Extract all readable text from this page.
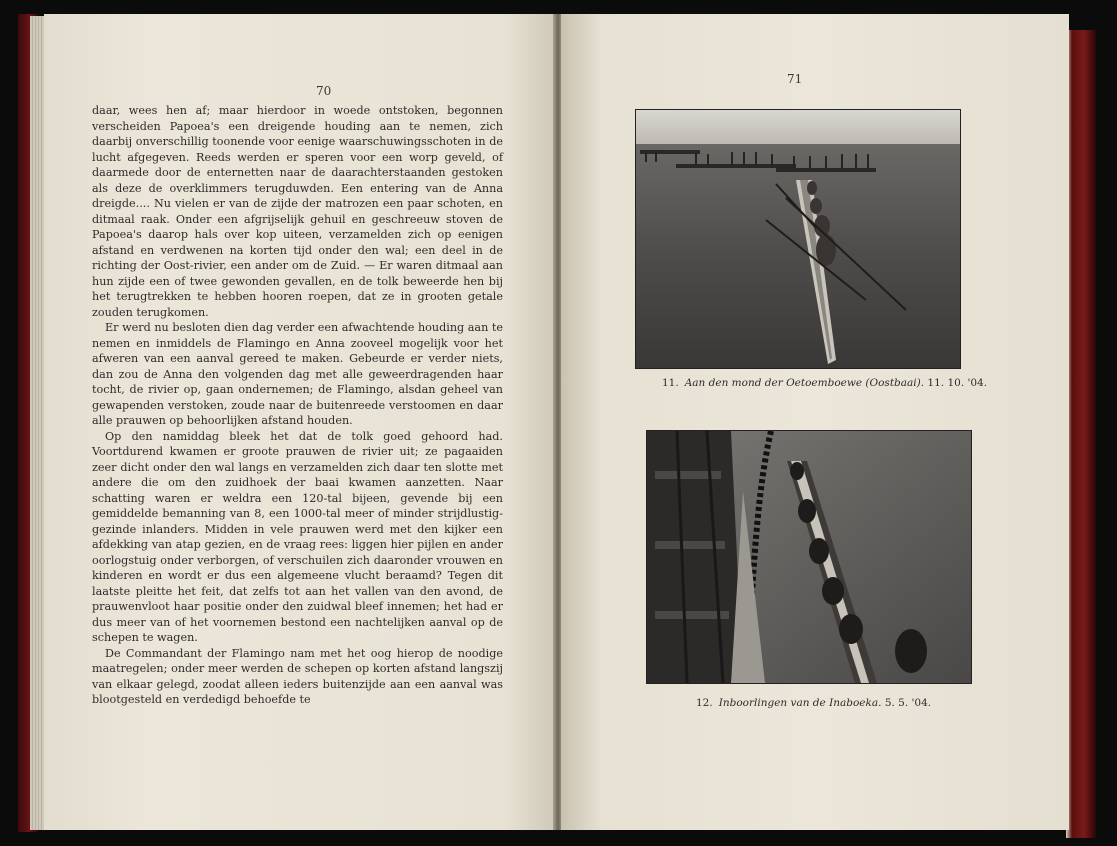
70

daar, wees hen af; maar hierdoor in woede ontstoken, begonnen verscheiden Papoea's een dreigende houding aan te nemen, zich daarbij onverschillig toonende voor eenige waarschuwingsschoten in de lucht afgegeven. Reeds werden er speren voor een worp geveld, of daarmede door de enternetten naar de daarachterstaanden gestoken als deze de overklimmers terugduwden. Een entering van de Anna dreigde.... Nu vielen er van de zijde der matrozen een paar schoten, en ditmaal raak. Onder een afgrijselijk gehuil en geschreeuw stoven de Papoea's daarop hals over kop uiteen, verzamelden zich op eenigen afstand en verdwenen na korten tijd onder den wal; een deel in de richting der Oost-rivier, een ander om de Zuid. — Er waren ditmaal aan hun zijde een of twee gewonden gevallen, en de tolk beweerde hen bij het terugtrekken te hebben hooren roepen, dat ze in grooten getale zouden terugkomen.

Er werd nu besloten dien dag verder een afwachtende houding aan te nemen en inmiddels de Flamingo en Anna zooveel mogelijk voor het afweren van een aanval gereed te maken. Gebeurde er verder niets, dan zou de Anna den volgenden dag met alle geweerdragenden haar tocht, de rivier op, gaan ondernemen; de Flamingo, alsdan geheel van gewapenden verstoken, zoude naar de buitenreede verstoomen en daar alle prauwen op behoorlijken afstand houden.

Op den namiddag bleek het dat de tolk goed gehoord had. Voortdurend kwamen er groote prauwen de rivier uit; ze pagaaiden zeer dicht onder den wal langs en verzamelden zich daar ten slotte met andere die om den zuidhoek der baai kwamen aanzetten. Naar schatting waren er weldra een 120-tal bijeen, gevende bij een gemiddelde bemanning van 8, een 1000-tal meer of minder strijdlustig-gezinde inlanders. Midden in vele prauwen werd met den kijker een afdekking van atap gezien, en de vraag rees: liggen hier pijlen en ander oorlogstuig onder verborgen, of verschuilen zich daaronder vrouwen en kinderen en wordt er dus een algemeene vlucht beraamd? Tegen dit laatste pleitte het feit, dat zelfs tot aan het vallen van den avond, de prauwenvloot haar positie onder den zuidwal bleef innemen; het had er dus meer van of het voornemen bestond een nachtelijken aanval op de schepen te wagen.

De Commandant der Flamingo nam met het oog hierop de noodige maatregelen; onder meer werden de schepen op korten afstand langszij van elkaar gelegd, zoodat alleen ieders buitenzijde aan een aanval was blootgesteld en verdedigd behoefde te

71
11. Aan den mond der Oetoemboewe (Oostbaai). 11. 10. '04.
12. Inboorlingen van de Inaboeka. 5. 5. '04.
